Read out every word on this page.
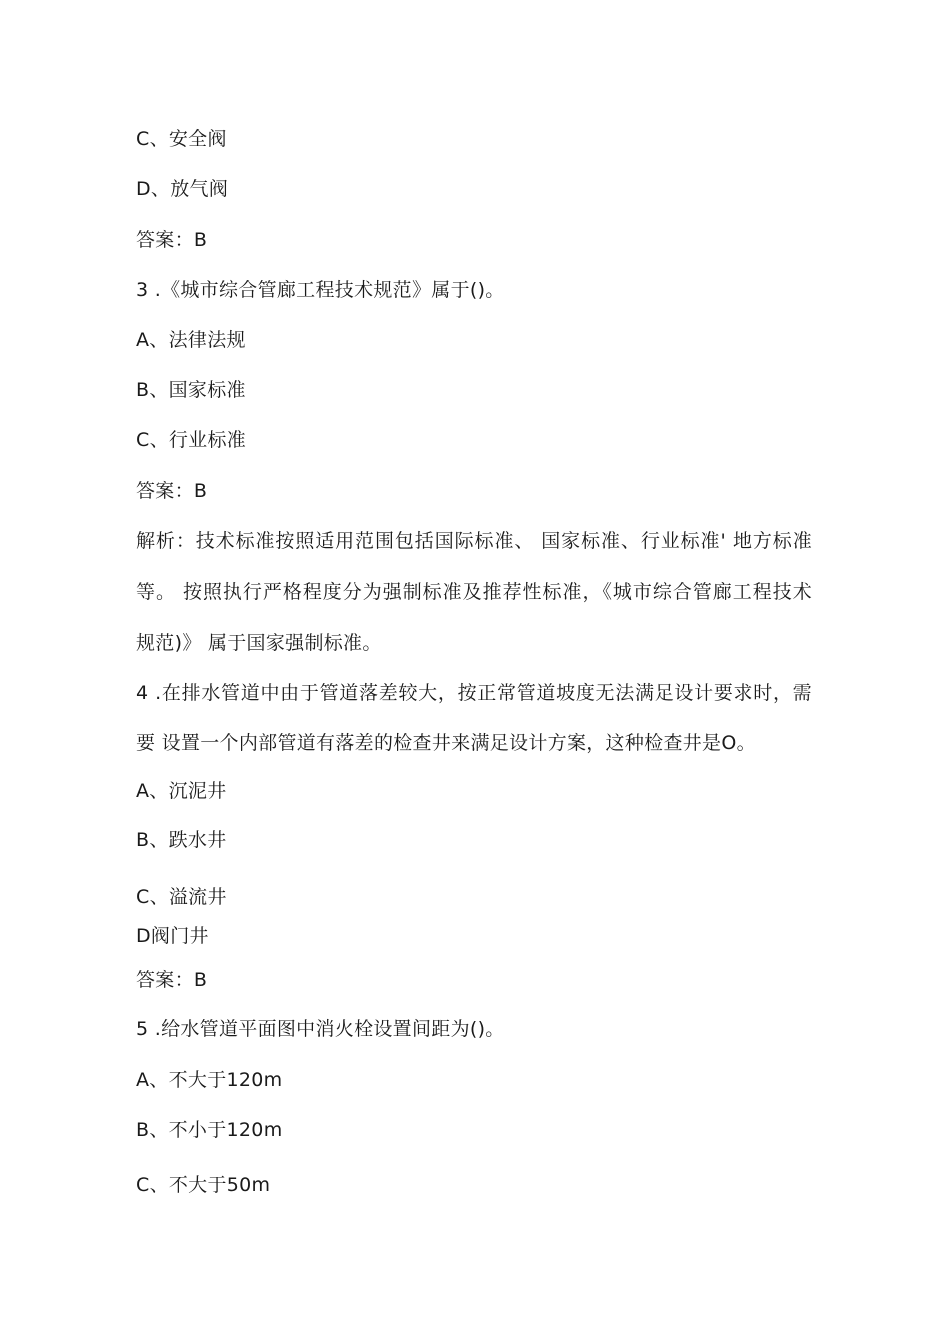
C、安全阀
D、放气阀
答案：B
3 .《城市综合管廊工程技术规范》属于()。
A、法律法规
B、国家标准
C、行业标准
答案：B
解析：技术标准按照适用范围包括国际标准、 国家标准、行业标准' 地方标准
等。 按照执行严格程度分为强制标准及推荐性标准，《城市综合管廊工程技术
规范)》 属于国家强制标准。
4 .在排水管道中由于管道落差较大，按正常管道坡度无法满足设计要求时，需
要 设置一个内部管道有落差的检查井来满足设计方案，这种检查井是O。
A、沉泥井
B、跌水井
C、溢流井
D阀门井
答案：B
5 .给水管道平面图中消火栓设置间距为()。
A、不大于120m
B、不小于120m
C、不大于50m
